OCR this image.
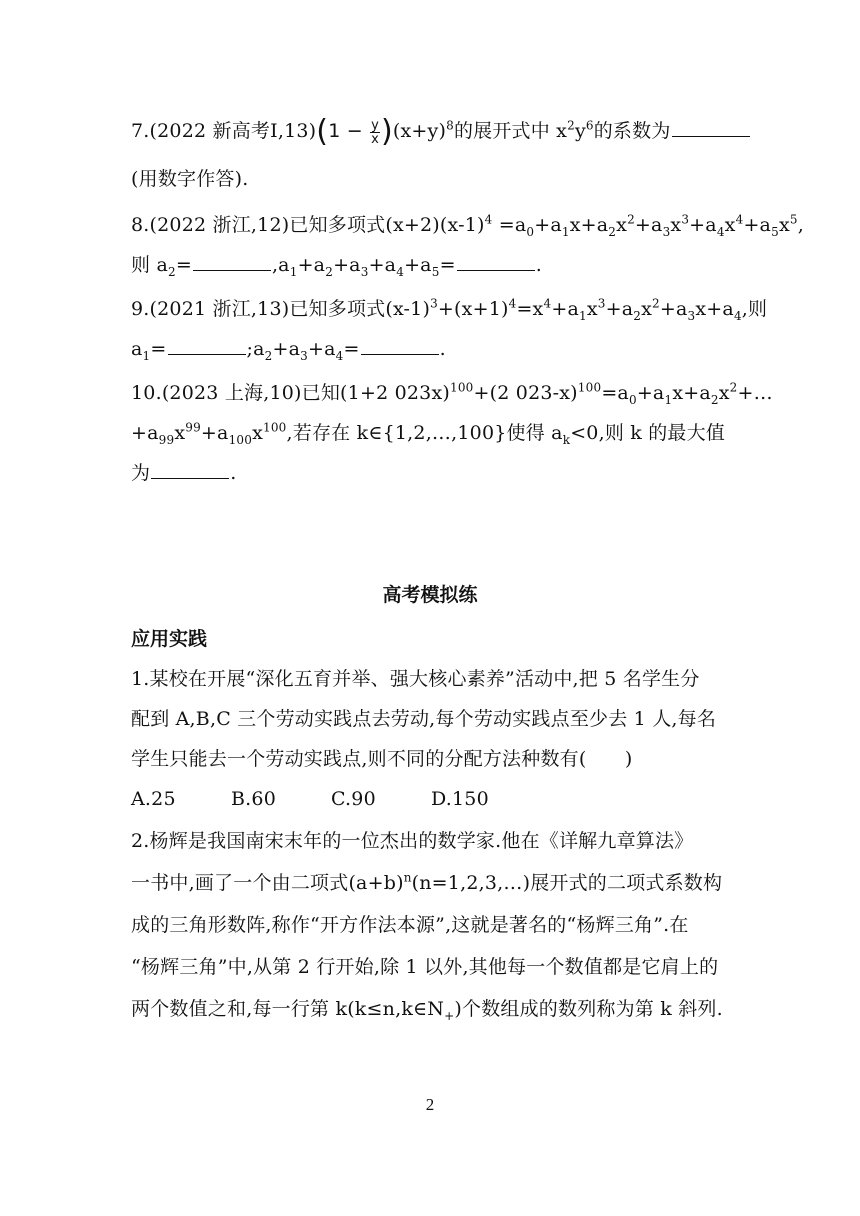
7.(2022 新高考Ⅰ,13)(1 − $\frac{y}{x} )(x+y)^8$的展开式中 $x^2y^6$的系数为
(用数字作答).
8.(2022 浙江,12)已知多项式$(x+2)(x-1)^4 =a_0+a_1x+a_2x^2+a_3x^3+a_4x^4+a_5x^5$,
则 $a_2=$	$,a_1+a_2+a_3+a_4+a_5=$	.
9.(2021 浙江,13)已知多项式$(x-1)^3+(x+1)^4=x^4+a_1x^3+a_2x^2+a_3x+a_4$,则
$a_1=$	$;a_2+a_3+a_4=$	.
10.(2023 上海,10)已知(1+2 023x)$^{100}$+(2 $023-x)^{100}=a_0+a_1x+a_2x^2+\dots$
$+a_{99}x^{99}+a_{100}x^{100}$,若存在 k∈{1,2,…,100}使得 $a_k<0$,则 k 的最大值
为	.
高考模拟练
应用实践
1.某校在开展“深化五育并举、强大核心素养”活动中,把 5 名学生分
配到 A,B,C 三个劳动实践点去劳动,每个劳动实践点至少去 1 人,每名
学生只能去一个劳动实践点,则不同的分配方法种数有(　　)
A.25	B.60	C.90	D.150
2.杨辉是我国南宋末年的一位杰出的数学家.他在《详解九章算法》
一书中,画了一个由二项式$(a+b)^n(n=1,2,3,\dots)$展开式的二项式系数构
成的三角形数阵,称作“开方作法本源”,这就是著名的“杨辉三角”.在
“杨辉三角”中,从第 2 行开始,除 1 以外,其他每一个数值都是它肩上的
两个数值之和,每一行第 $k(k\le n,k\in N_+)$个数组成的数列称为第 k 斜列.
2
